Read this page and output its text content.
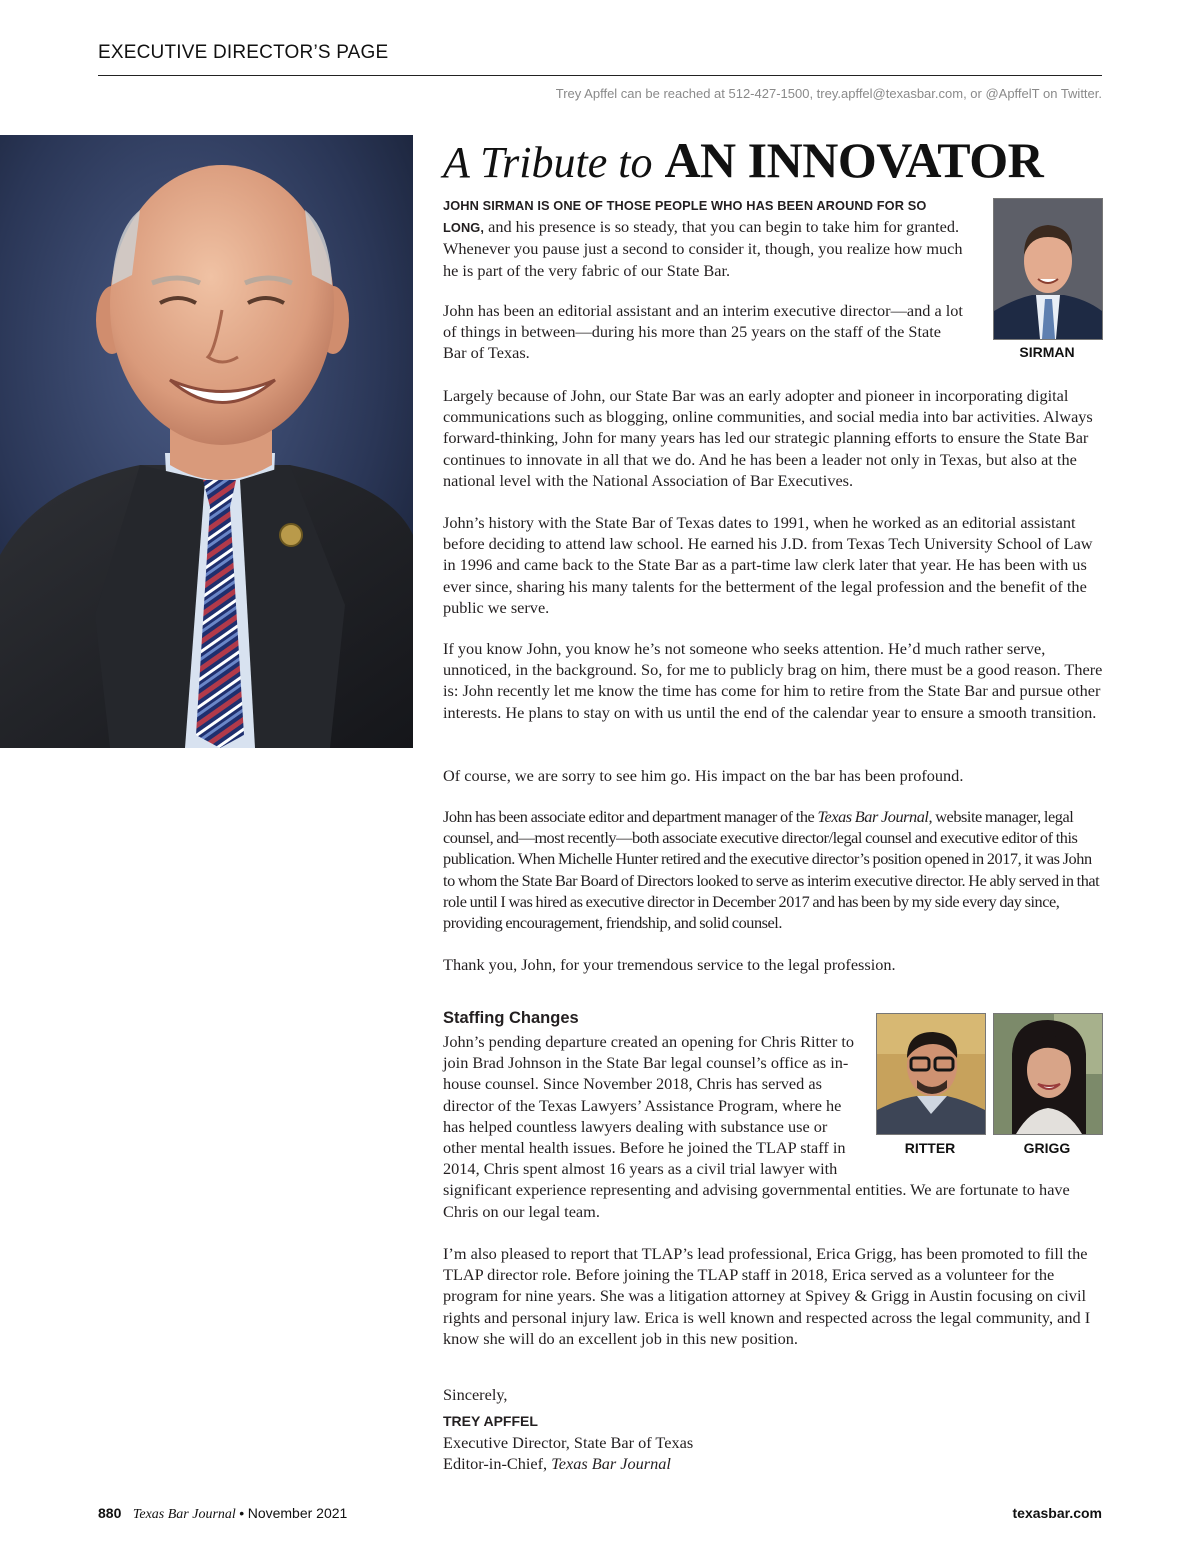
EXECUTIVE DIRECTOR’S PAGE
Trey Apffel can be reached at 512-427-1500, trey.apffel@texasbar.com, or @ApffelT on Twitter.
A Tribute to AN INNOVATOR

JOHN SIRMAN IS ONE OF THOSE PEOPLE WHO HAS BEEN AROUND FOR SO LONG, and his presence is so steady, that you can begin to take him for granted. Whenever you pause just a second to consider it, though, you realize how much he is part of the very fabric of our State Bar.

John has been an editorial assistant and an interim executive director—and a lot of things in between—during his more than 25 years on the staff of the State Bar of Texas.	SIRMAN

Largely because of John, our State Bar was an early adopter and pioneer in incorporating digital communications such as blogging, online communities, and social media into bar activities. Always forward-thinking, John for many years has led our strategic planning efforts to ensure the State Bar continues to innovate in all that we do. And he has been a leader not only in Texas, but also at the national level with the National Association of Bar Executives.

John’s history with the State Bar of Texas dates to 1991, when he worked as an editorial assistant before deciding to attend law school. He earned his J.D. from Texas Tech University School of Law in 1996 and came back to the State Bar as a part-time law clerk later that year. He has been with us ever since, sharing his many talents for the betterment of the legal profession and the benefit of the public we serve.

If you know John, you know he’s not someone who seeks attention. He’d much rather serve, unnoticed, in the background. So, for me to publicly brag on him, there must be a good reason. There is: John recently let me know the time has come for him to retire from the State Bar and pursue other interests. He plans to stay on with us until the end of the calendar year to ensure a smooth transition.

Of course, we are sorry to see him go. His impact on the bar has been profound.

John has been associate editor and department manager of the Texas Bar Journal, website manager, legal counsel, and—most recently—both associate executive director/legal counsel and executive editor of this publication. When Michelle Hunter retired and the executive director’s position opened in 2017, it was John to whom the State Bar Board of Directors looked to serve as interim executive director. He ably served in that role until I was hired as executive director in December 2017 and has been by my side every day since, providing encouragement, friendship, and solid counsel.

Thank you, John, for your tremendous service to the legal profession.

Staffing Changes

John’s pending departure created an opening for Chris Ritter to join Brad Johnson in the State Bar legal counsel’s office as in-house counsel. Since November 2018, Chris has served as director of the Texas Lawyers’ Assistance Program, where he has helped countless lawyers dealing with substance use or other mental health issues. Before he joined the TLAP staff in 2014, Chris spent almost 16 years as a civil trial lawyer with significant experience representing and advising governmental entities. We are fortunate to have Chris on our legal team.

RITTER	GRIGG

I’m also pleased to report that TLAP’s lead professional, Erica Grigg, has been promoted to fill the TLAP director role. Before joining the TLAP staff in 2018, Erica served as a volunteer for the program for nine years. She was a litigation attorney at Spivey & Grigg in Austin focusing on civil rights and personal injury law. Erica is well known and respected across the legal community, and I know she will do an excellent job in this new position.

Sincerely,
TREY APFFEL
Executive Director, State Bar of Texas
Editor-in-Chief, Texas Bar Journal
880 Texas Bar Journal • November 2021	texasbar.com
